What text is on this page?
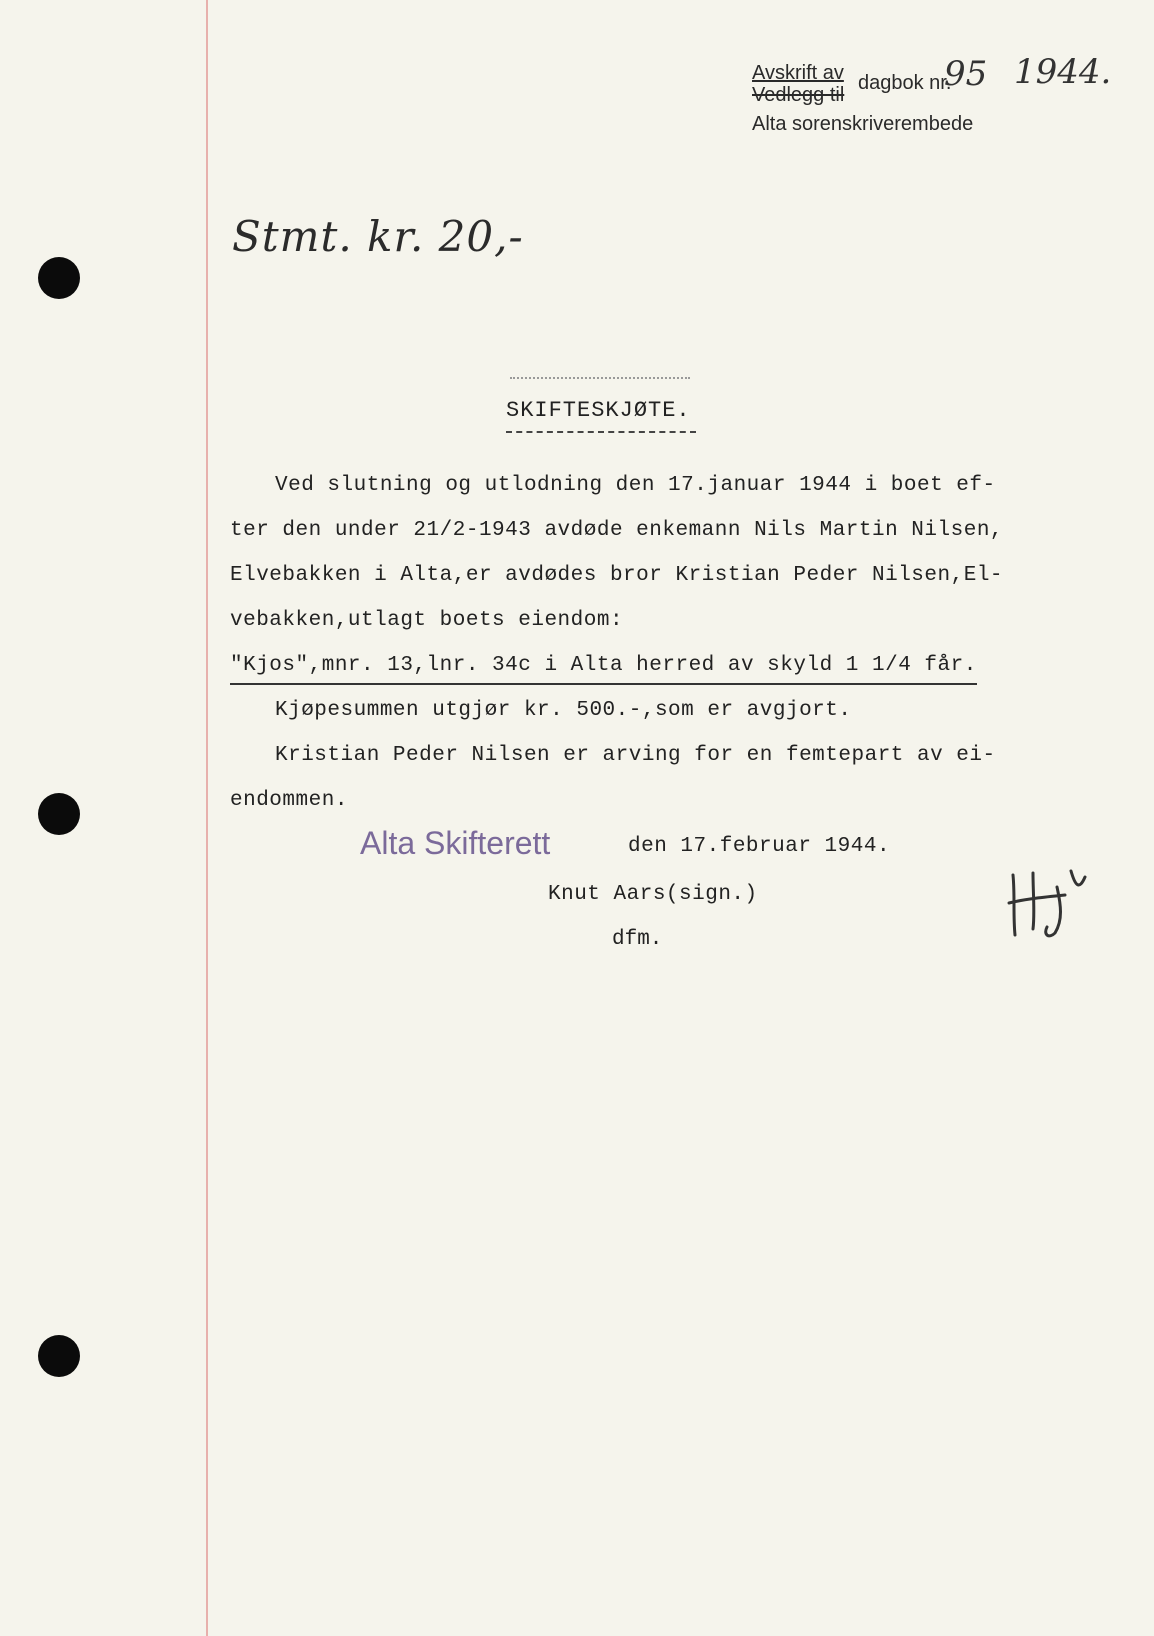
Avskrift av
Vedlegg til
dagbok nr.
95 1944.
Alta sorenskriverembede
Stmt. kr. 20,-
SKIFTESKJØTE.

Ved slutning og utlodning den 17.januar 1944 i boet ef-

ter den under 21/2-1943 avdøde enkemann Nils Martin Nilsen,

Elvebakken i Alta,er avdødes bror Kristian Peder Nilsen,El-

vebakken,utlagt boets eiendom:

"Kjos",mnr. 13,lnr. 34c i Alta herred av skyld 1 1/4 får.

Kjøpesummen utgjør kr. 500.-,som er avgjort.

Kristian Peder Nilsen er arving for en femtepart av ei-

endommen.

Alta Skifterett	den 17.februar 1944.
Knut Aars(sign.)
dfm.
